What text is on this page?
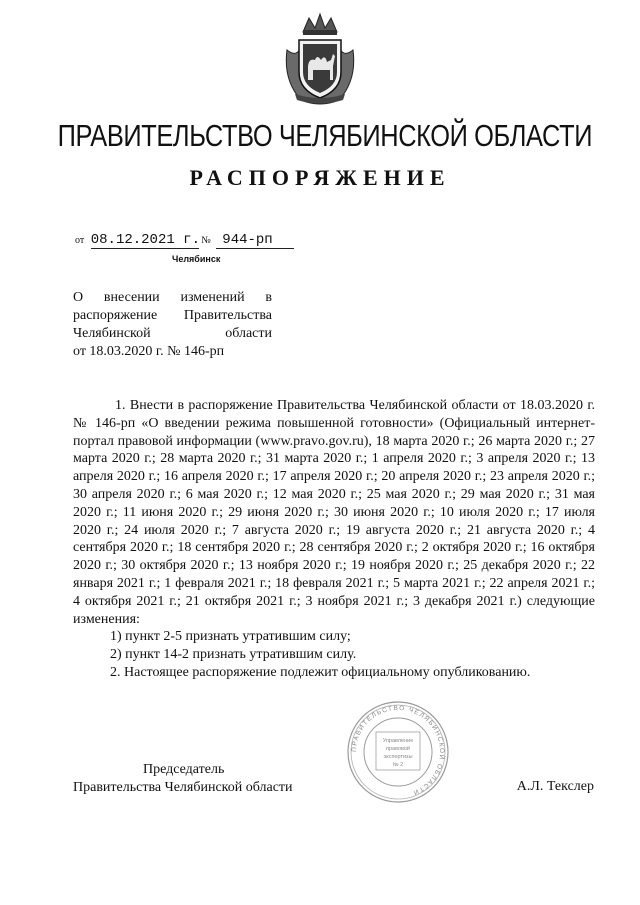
ПРАВИТЕЛЬСТВО ЧЕЛЯБИНСКОЙ ОБЛАСТИ
РАСПОРЯЖЕНИЕ
от 08.12.2021 г. № 944-рп
Челябинск
О внесении изменений в
распоряжение Правительства
Челябинской области
от 18.03.2020 г. № 146-рп

1. Внести в распоряжение Правительства Челябинской области от 18.03.2020 г. № 146-рп «О введении режима повышенной готовности» (Официальный интернет-портал правовой информации (www.pravo.gov.ru), 18 марта 2020 г.; 26 марта 2020 г.; 27 марта 2020 г.; 28 марта 2020 г.; 31 марта 2020 г.; 1 апреля 2020 г.; 3 апреля 2020 г.; 13 апреля 2020 г.; 16 апреля 2020 г.; 17 апреля 2020 г.; 20 апреля 2020 г.; 23 апреля 2020 г.; 30 апреля 2020 г.; 6 мая 2020 г.; 12 мая 2020 г.; 25 мая 2020 г.; 29 мая 2020 г.; 31 мая 2020 г.; 11 июня 2020 г.; 29 июня 2020 г.; 30 июня 2020 г.; 10 июля 2020 г.; 17 июля 2020 г.; 24 июля 2020 г.; 7 августа 2020 г.; 19 августа 2020 г.; 21 августа 2020 г.; 4 сентября 2020 г.; 18 сентября 2020 г.; 28 сентября 2020 г.; 2 октября 2020 г.; 16 октября 2020 г.; 30 октября 2020 г.; 13 ноября 2020 г.; 19 ноября 2020 г.; 25 декабря 2020 г.; 22 января 2021 г.; 1 февраля 2021 г.; 18 февраля 2021 г.; 5 марта 2021 г.; 22 апреля 2021 г.; 4 октября 2021 г.; 21 октября 2021 г.; 3 ноября 2021 г.; 3 декабря 2021 г.) следующие изменения:

1) пункт 2-5 признать утратившим силу;

2) пункт 14-2 признать утратившим силу.

2. Настоящее распоряжение подлежит официальному опубликованию.

ПРАВИТЕЛЬСТВО ЧЕЛЯБИНСКОЙ ОБЛАСТИ
Управление
правовой
экспертизы
№ 2
Председатель
Правительства Челябинской области	А.Л. Текслер
